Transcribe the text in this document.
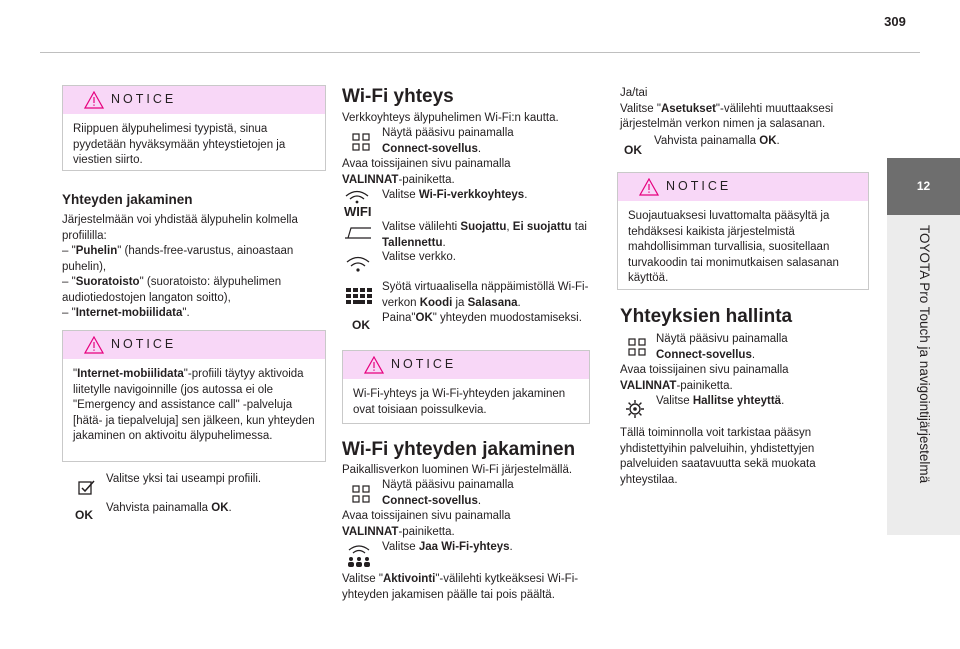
309
12
TOYOTA Pro Touch ja navigointijärjestelmä
NOTICE
Riippuen älypuhelimesi tyypistä, sinua pyydetään hyväksymään yhteystietojen ja viestien siirto.
Yhteyden jakaminen
Järjestelmään voi yhdistää älypuhelin kolmella profiililla:
– "Puhelin" (hands-free-varustus, ainoastaan puhelin),
– "Suoratoisto" (suoratoisto: älypuhelimen audiotiedostojen langaton soitto),
– "Internet-mobiilidata".
NOTICE
"Internet-mobiilidata"-profiili täytyy aktivoida liitetylle navigoinnille (jos autossa ei ole "Emergency and assistance call" -palveluja [hätä- ja tiepalveluja] sen jälkeen, kun yhteyden jakaminen on aktivoitu älypuhelimessa.
Valitse yksi tai useampi profiili.
OK Vahvista painamalla OK.
Wi-Fi yhteys
Verkkoyhteys älypuhelimen Wi-Fi:n kautta.
Näytä pääsivu painamalla
Connect-sovellus.
Avaa toissijainen sivu painamalla
VALINNAT-painiketta.
WIFI
Valitse Wi-Fi-verkkoyhteys.
Valitse välilehti Suojattu, Ei suojattu tai Tallennettu.
Valitse verkko.
Syötä virtuaalisella näppäimistöllä Wi-Fi-verkon Koodi ja Salasana.
OK Paina"OK" yhteyden muodostamiseksi.
NOTICE
Wi-Fi-yhteys ja Wi-Fi-yhteyden jakaminen ovat toisiaan poissulkevia.
Wi-Fi yhteyden jakaminen
Paikallisverkon luominen Wi-Fi järjestelmällä.
Näytä pääsivu painamalla
Connect-sovellus.
Avaa toissijainen sivu painamalla
VALINNAT-painiketta.
Valitse Jaa Wi-Fi-yhteys.
Valitse "Aktivointi"-välilehti kytkeäksesi Wi-Fi-yhteyden jakamisen päälle tai pois päältä.
Ja/tai
Valitse "Asetukset"-välilehti muuttaaksesi järjestelmän verkon nimen ja salasanan.
OK
Vahvista painamalla OK.
NOTICE
Suojautuaksesi luvattomalta pääsyltä ja tehdäksesi kaikista järjestelmistä mahdollisimman turvallisia, suositellaan turvakoodin tai monimutkaisen salasanan käyttöä.
Yhteyksien hallinta
Näytä pääsivu painamalla
Connect-sovellus.
Avaa toissijainen sivu painamalla
VALINNAT-painiketta.
Valitse Hallitse yhteyttä.
Tällä toiminnolla voit tarkistaa pääsyn yhdistettyihin palveluihin, yhdistettyjen palveluiden saatavuutta sekä muokata yhteystilaa.
